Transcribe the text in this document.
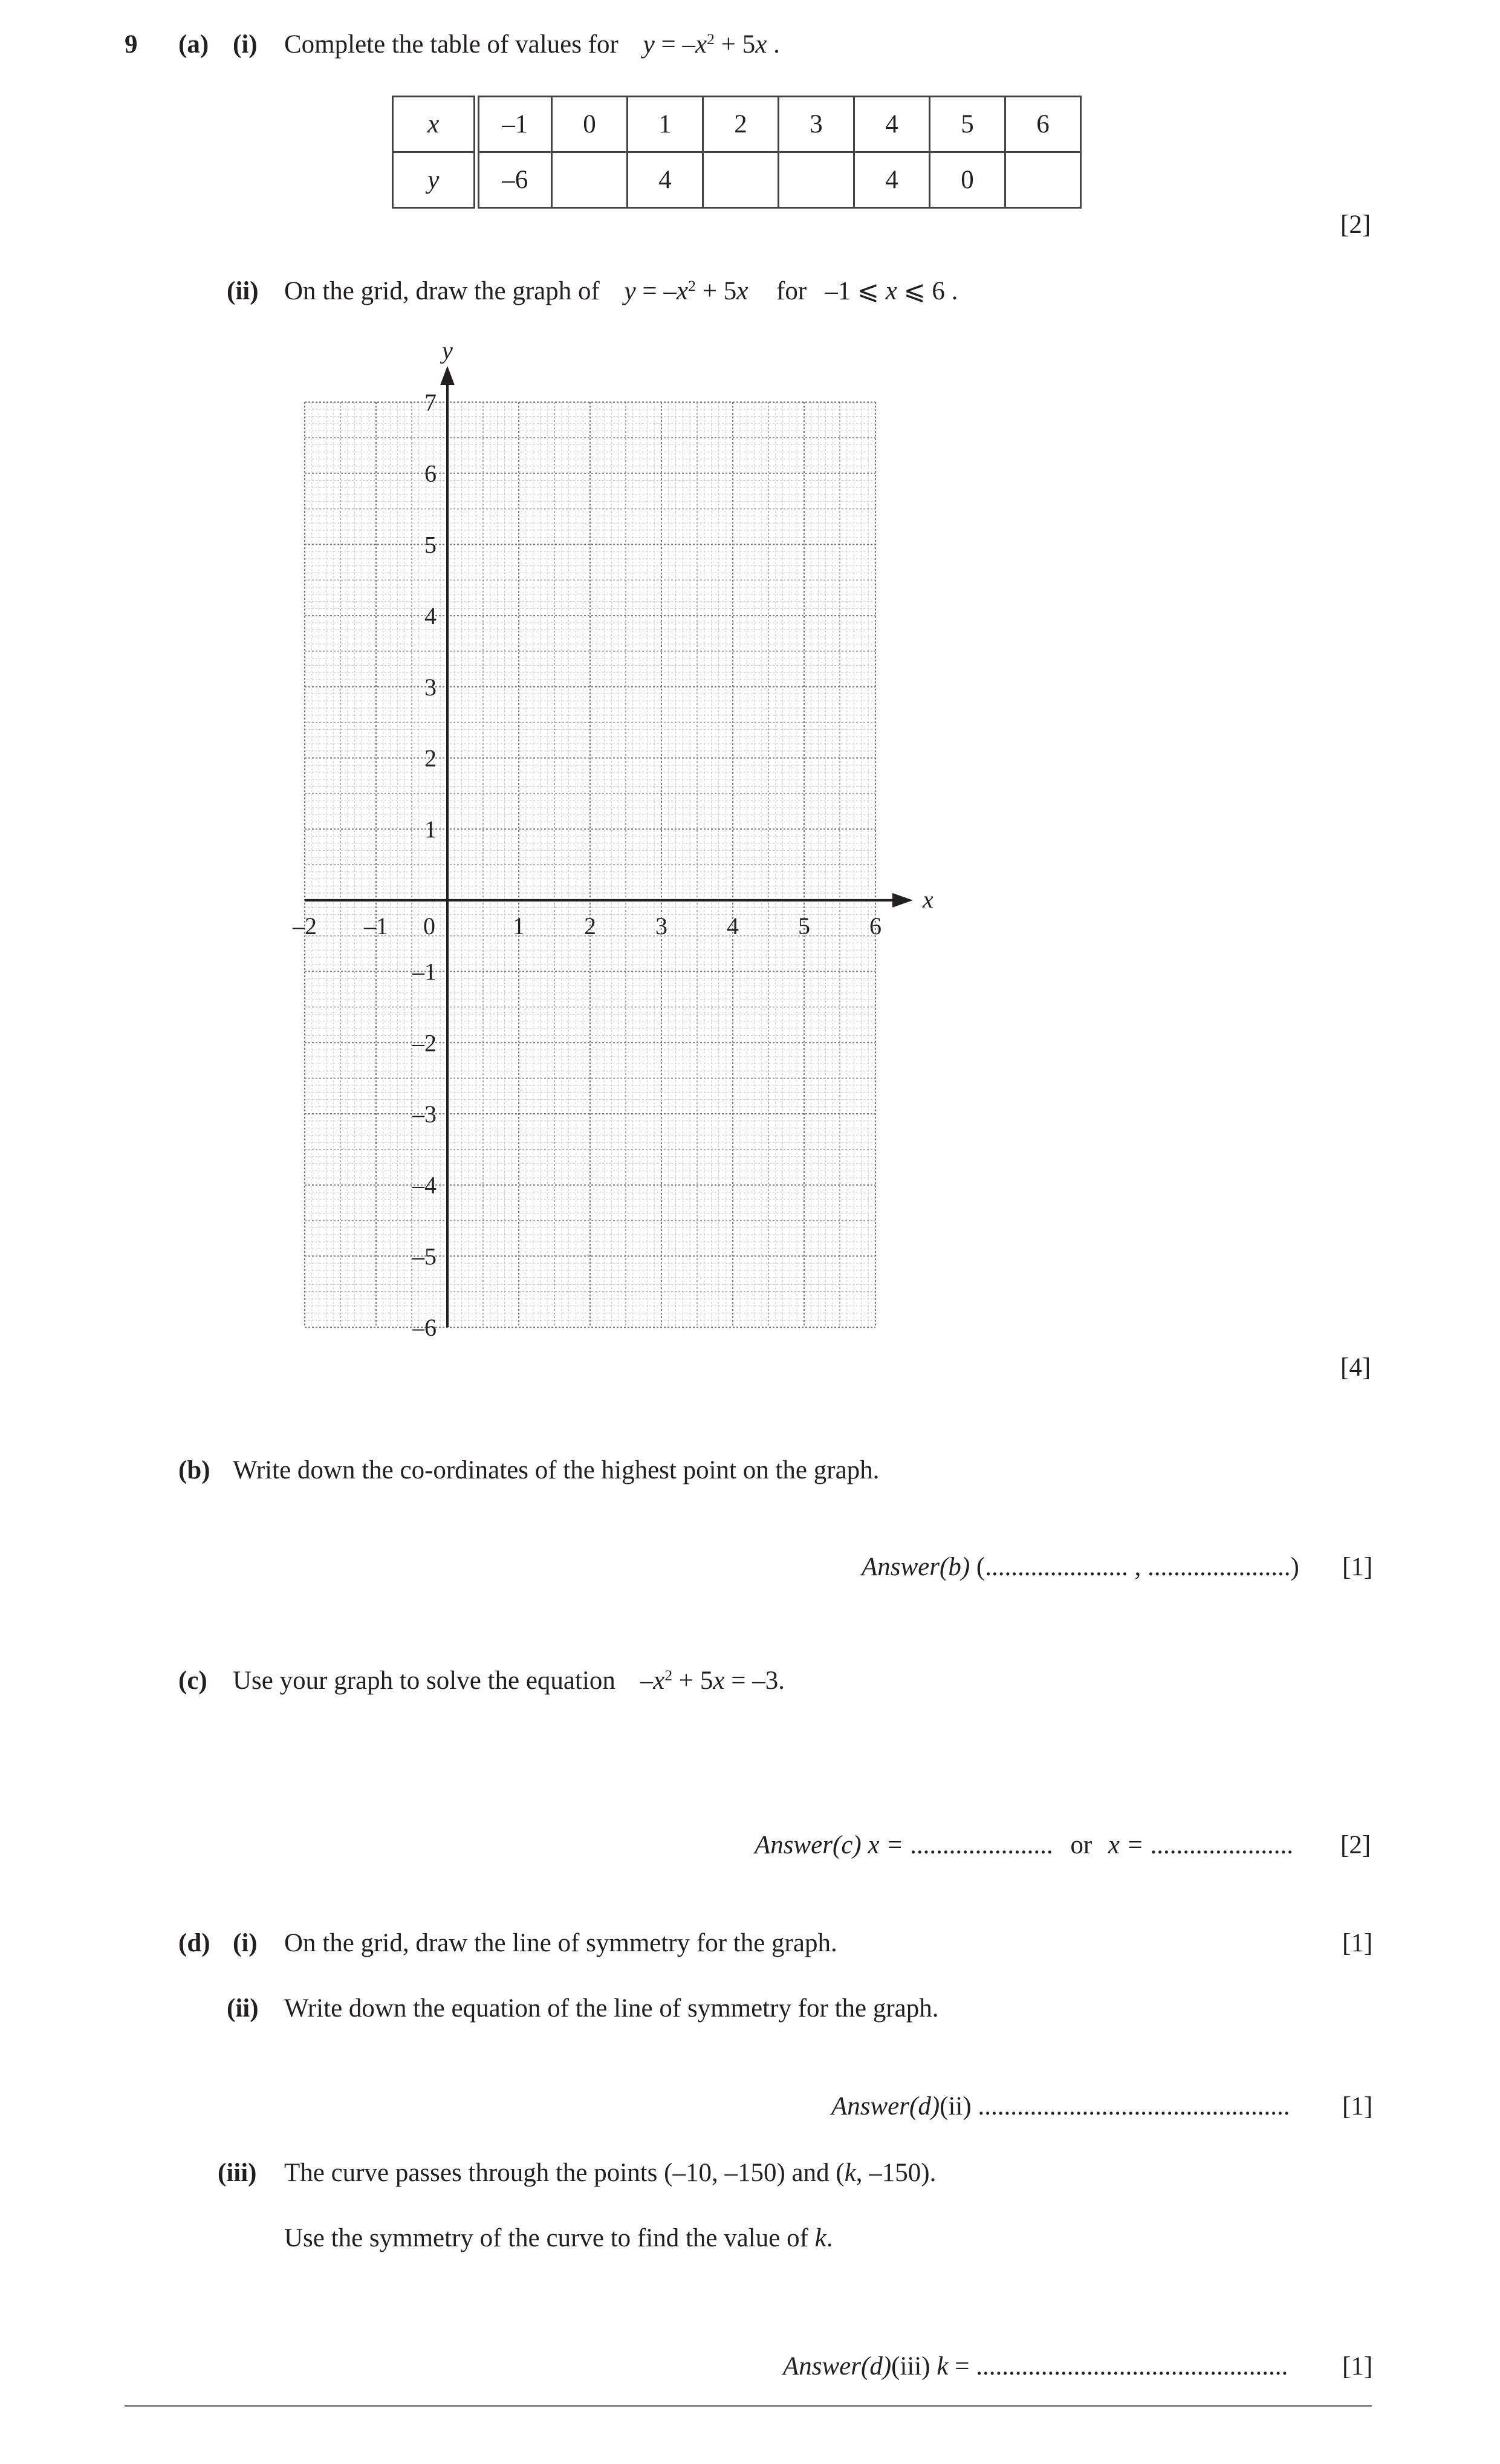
9 (a) (i) Complete the table of values for $y = -x^2 + 5x$ .
x	–1	0	1	2	3	4	5	6
y	–6		4			4	0	
[2]
(ii) On the grid, draw the graph of $y = -x^2 + 5x$ for –1 ⩽ x ⩽ 6 .
y
x
–2 –1 0	1 2 3 4 5 6
7
6
5
4
3
2
1
–1
–2
–3
–4
–5
–6
[4]
(b) Write down the co-ordinates of the highest point on the graph.
Answer(b) (...................... , ......................) [1]
(c) Use your graph to solve the equation $-x^2 + 5x = -3$.
Answer(c) x = ...................... or x = ...................... [2]
(d) (i) On the grid, draw the line of symmetry for the graph.	[1]
(ii) Write down the equation of the line of symmetry for the graph.
Answer(d)(ii) ................................................ [1]
(iii) The curve passes through the points (–10, –150) and (k, –150).
Use the symmetry of the curve to find the value of k.
Answer(d)(iii) k = ................................................ [1]
